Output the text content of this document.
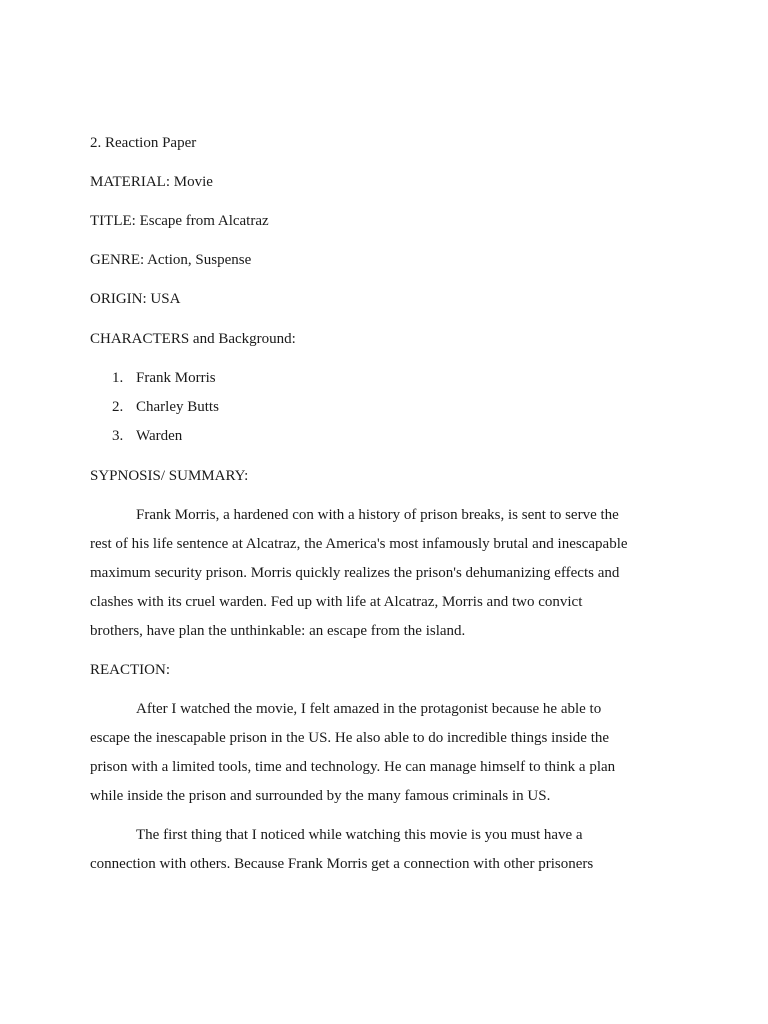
2. Reaction Paper
MATERIAL: Movie
TITLE: Escape from Alcatraz
GENRE: Action, Suspense
ORIGIN: USA
CHARACTERS and Background:
1. Frank Morris
2. Charley Butts
3. Warden
SYPNOSIS/ SUMMARY:
Frank Morris, a hardened con with a history of prison breaks, is sent to serve the
rest of his life sentence at Alcatraz, the America's most infamously brutal and inescapable
maximum security prison. Morris quickly realizes the prison's dehumanizing effects and
clashes with its cruel warden. Fed up with life at Alcatraz, Morris and two convict
brothers, have plan the unthinkable: an escape from the island.
REACTION:
After I watched the movie, I felt amazed in the protagonist because he able to
escape the inescapable prison in the US. He also able to do incredible things inside the
prison with a limited tools, time and technology. He can manage himself to think a plan
while inside the prison and surrounded by the many famous criminals in US.
The first thing that I noticed while watching this movie is you must have a
connection with others. Because Frank Morris get a connection with other prisoners
